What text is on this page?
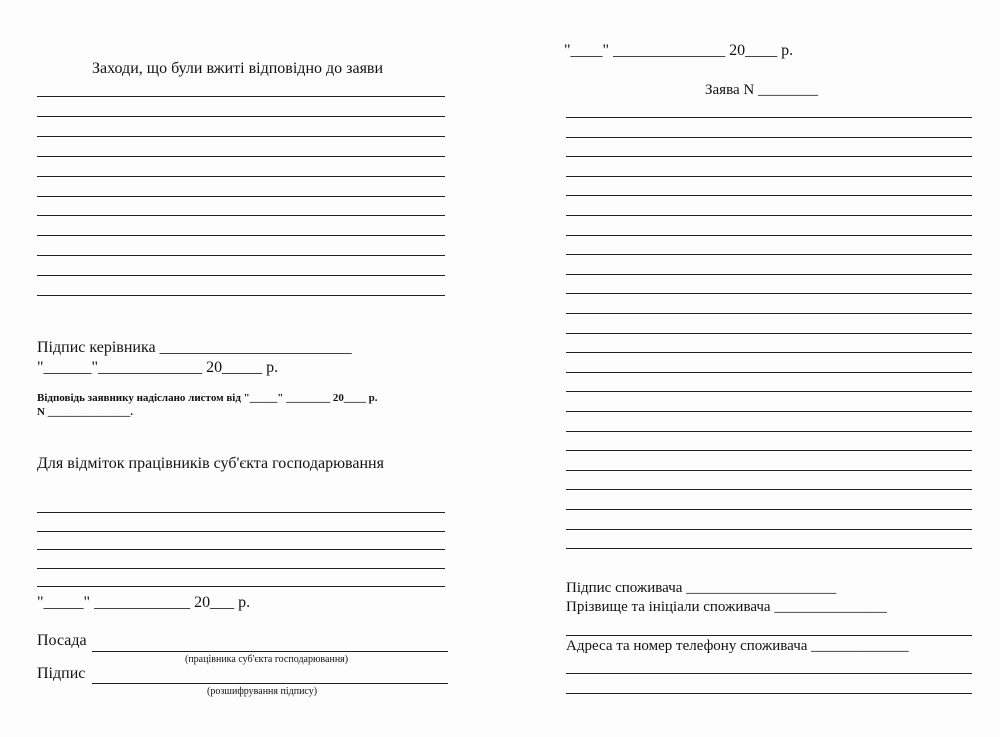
Заходи, що були вжиті відповідно до заяви
Підпис керівника ________________________
"______"_____________ 20_____ р.
Відповідь заявнику надіслано листом від "_____" ________ 20____ р.
N _______________.
Для відміток працівників суб'єкта господарювання
"_____" ____________ 20___ р.
Посада
(працівника суб'єкта господарювання)
Підпис
(розшифрування підпису)
"____" ______________ 20____ р.
Заява N ________
Підпис споживача ____________________
Прізвище та ініціали споживача _______________
Адреса та номер телефону споживача _____________
